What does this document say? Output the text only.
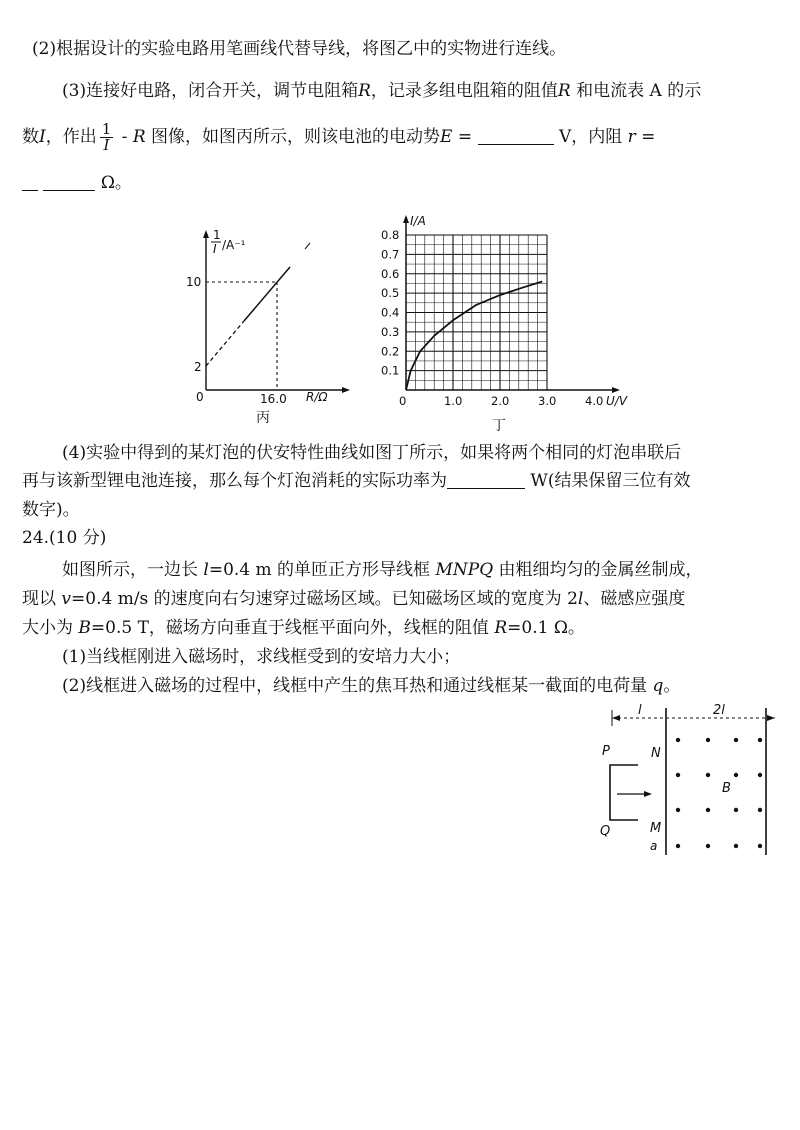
(2)根据设计的实验电路用笔画线代替导线，将图乙中的实物进行连线。
(3)连接好电路，闭合开关，调节电阻箱R，记录多组电阻箱的阻值R 和电流表 A 的示
数I，作出 $\frac{1}{I}$ - R 图像，如图丙所示，则该电池的电动势E =	V，内阻 r =
Ω。
1
I /A⁻¹
10
2
0	16.0 R/Ω
丙
0.1
0.2
0.3
0.4
0.5
0.6
0.7
0.8
0	1.0 2.0 3.0 4.0
I/A
U/V
丁
(4)实验中得到的某灯泡的伏安特性曲线如图丁所示，如果将两个相同的灯泡串联后
再与该新型锂电池连接，那么每个灯泡消耗的实际功率为	W(结果保留三位有效
数字)。
24.(10 分)
如图所示，一边长 l=0.4 m 的单匝正方形导线框 MNPQ 由粗细均匀的金属丝制成，
现以 v=0.4 m/s 的速度向右匀速穿过磁场区域。已知磁场区域的宽度为 2l、磁感应强度
大小为 B=0.5 T，磁场方向垂直于线框平面向外，线框的阻值 R=0.1 Ω。
(1)当线框刚进入磁场时，求线框受到的安培力大小；
(2)线框进入磁场的过程中，线框中产生的焦耳热和通过线框某一截面的电荷量 q。
l	2l
B
P	N
Q	M
a
